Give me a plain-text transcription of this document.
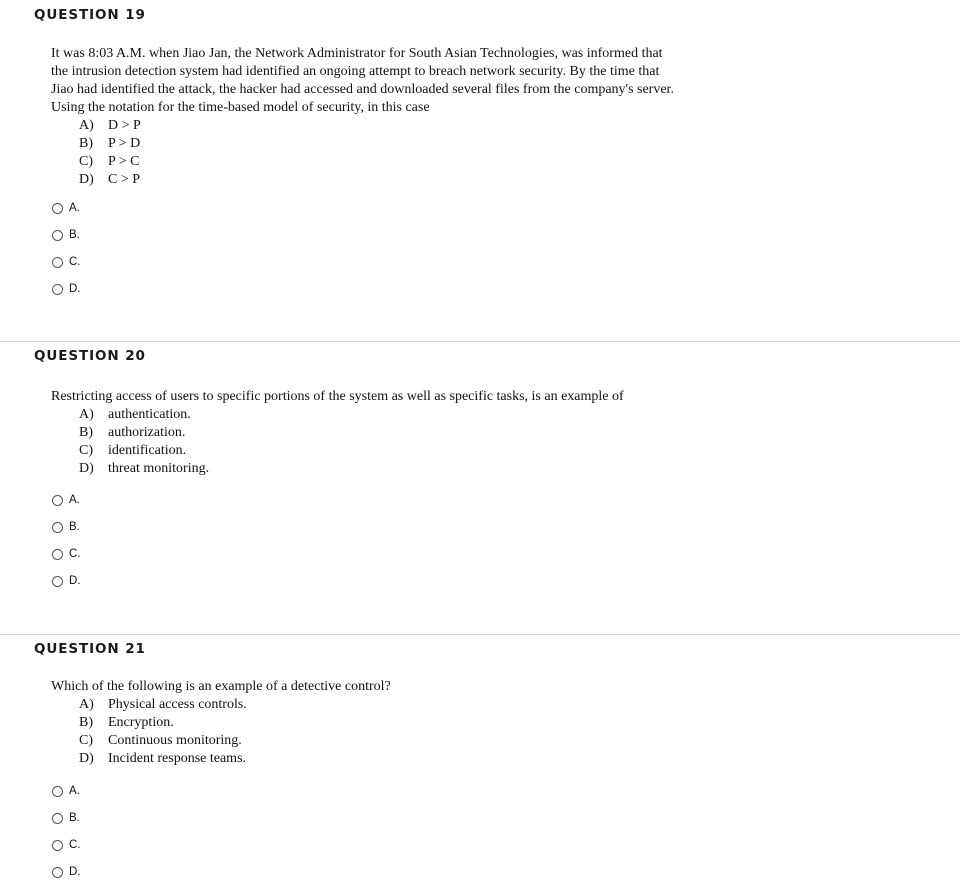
QUESTION 19

It was 8:03 A.M. when Jiao Jan, the Network Administrator for South Asian Technologies, was informed that

the intrusion detection system had identified an ongoing attempt to breach network security. By the time that

Jiao had identified the attack, the hacker had accessed and downloaded several files from the company's server.

Using the notation for the time-based model of security, in this case

A) D > P
B) P > D
C) P > C
D) C > P
A.
B.
C.
D.
QUESTION 20

Restricting access of users to specific portions of the system as well as specific tasks, is an example of

A) authentication.
B) authorization.
C) identification.
D) threat monitoring.
A.
B.
C.
D.
QUESTION 21

Which of the following is an example of a detective control?

A) Physical access controls.
B) Encryption.
C) Continuous monitoring.
D) Incident response teams.
A.
B.
C.
D.
